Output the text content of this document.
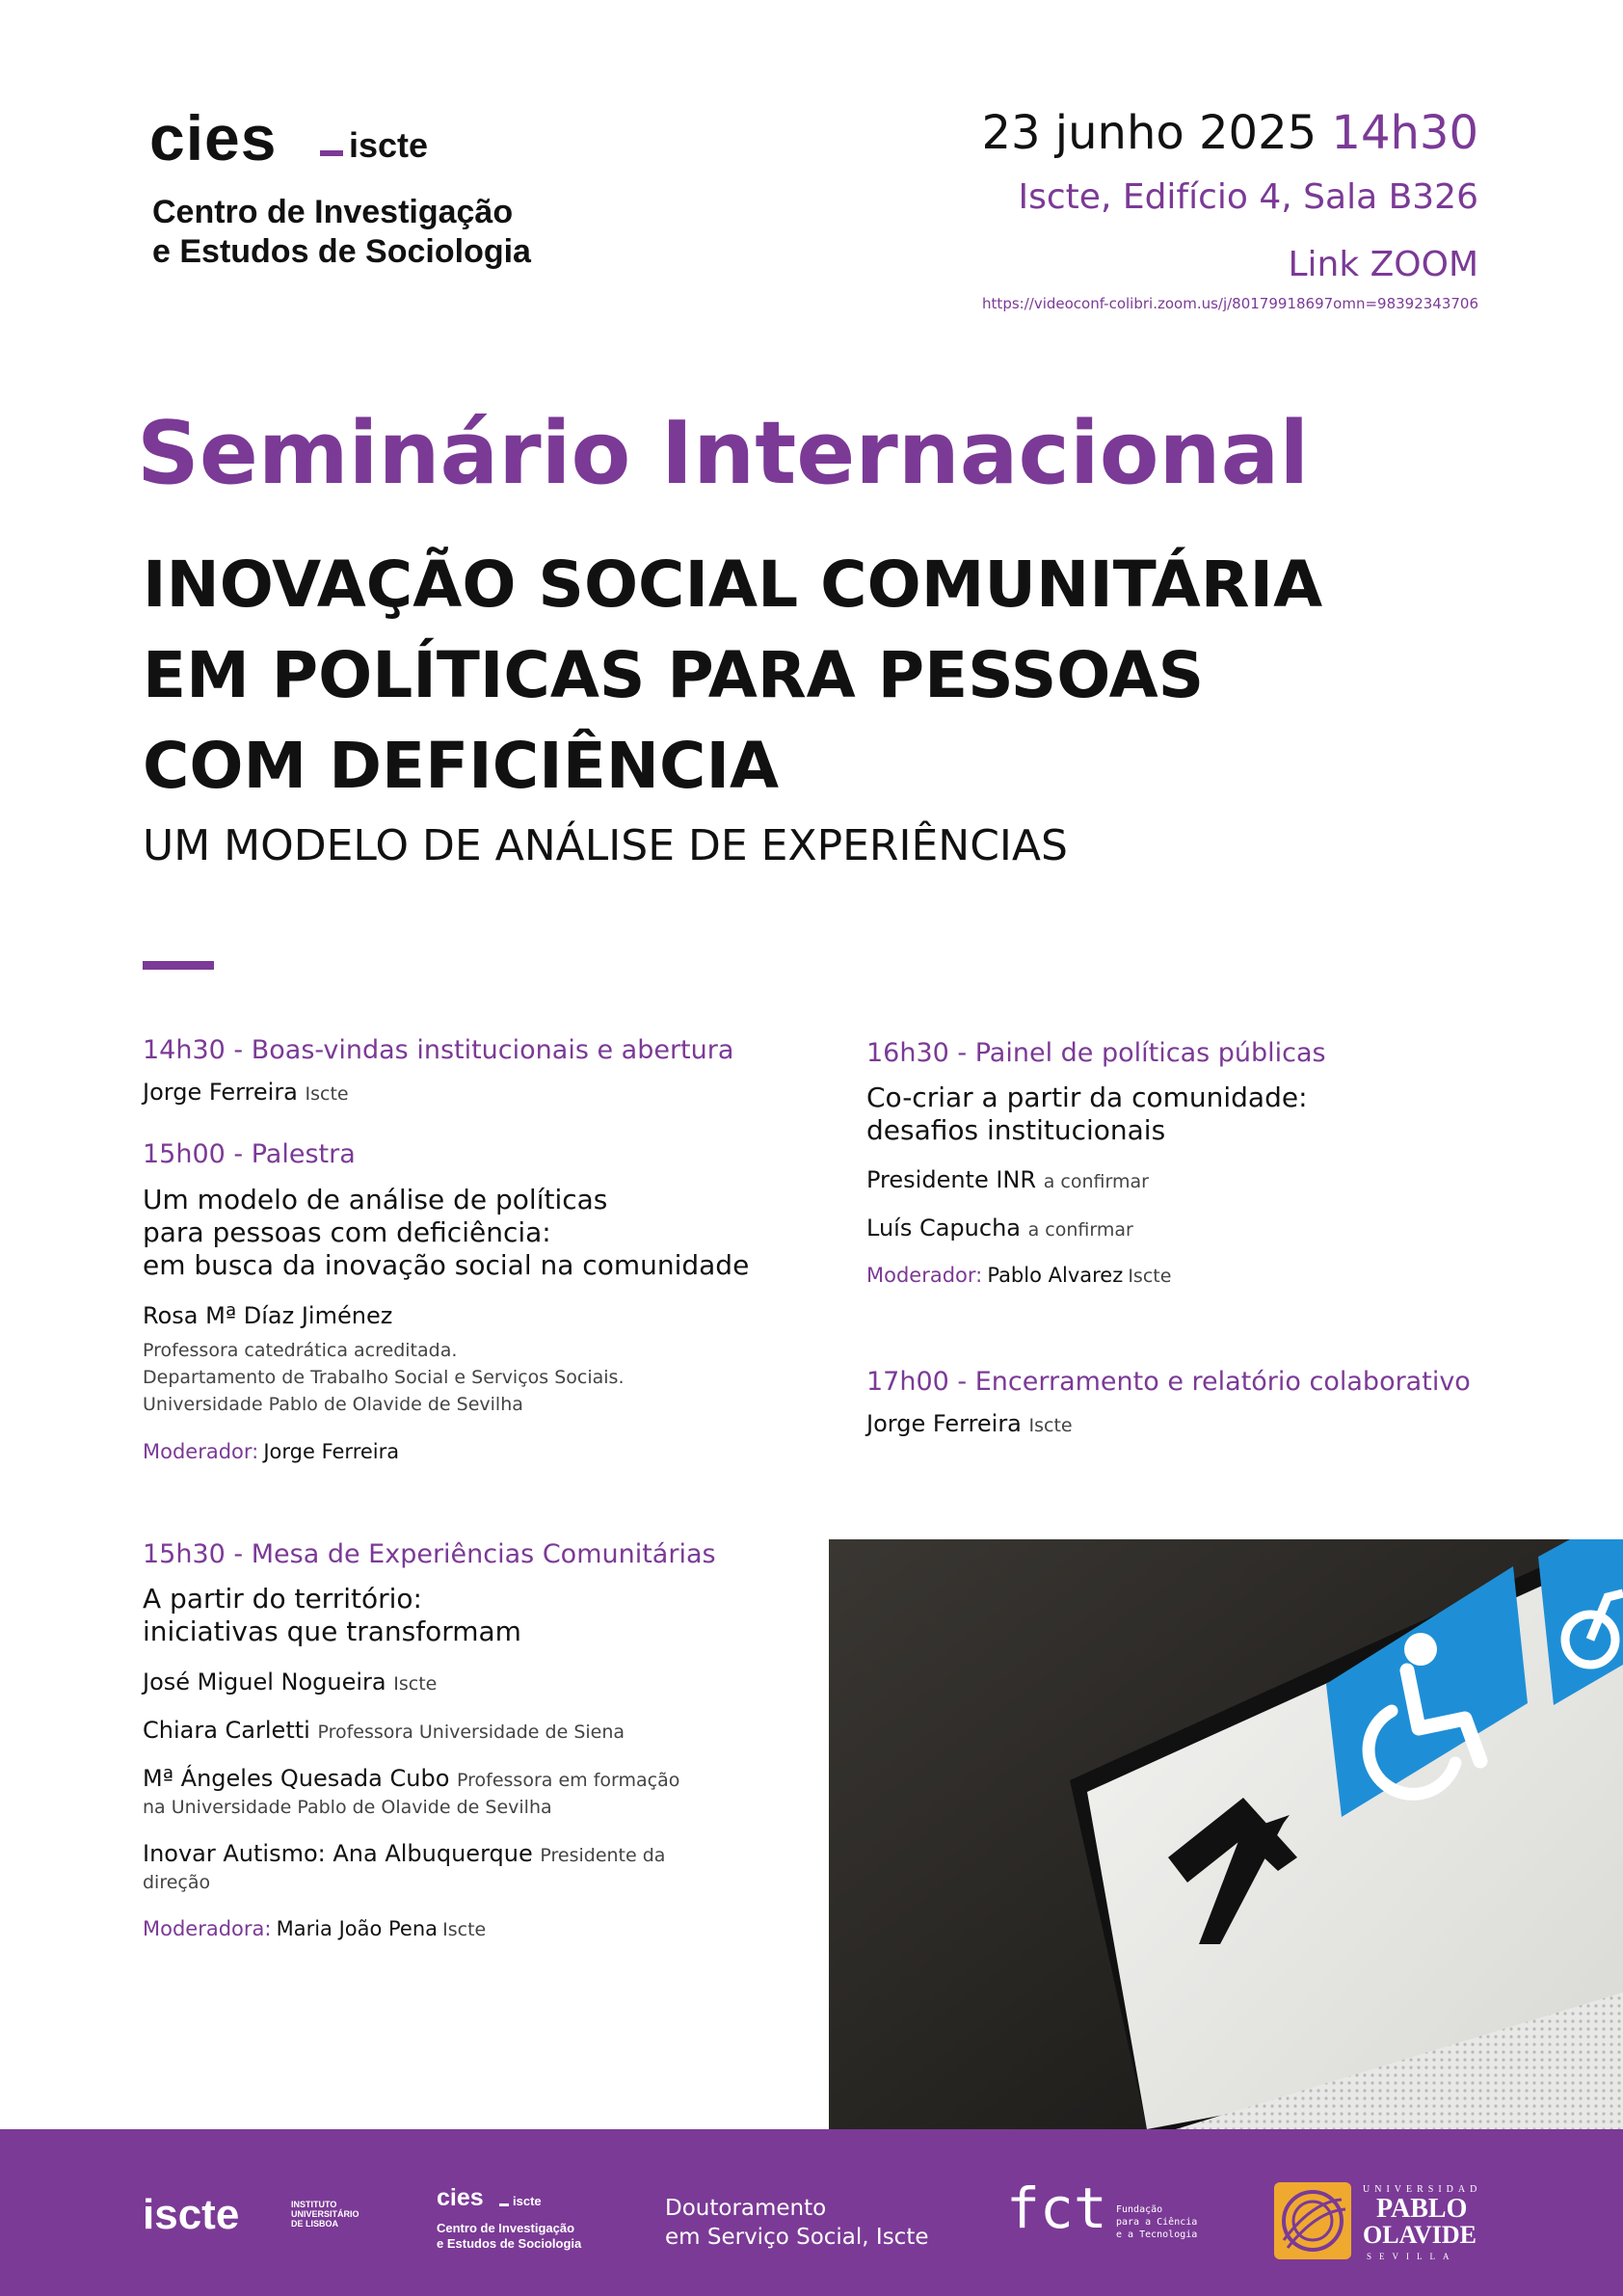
cies iscte
Centro de Investigação
e Estudos de Sociologia
23 junho 2025 14h30
Iscte, Edifício 4, Sala B326
Link ZOOM
https://videoconf-colibri.zoom.us/j/80179918697omn=98392343706
Seminário Internacional
INOVAÇÃO SOCIAL COMUNITÁRIA
EM POLÍTICAS PARA PESSOAS
COM DEFICIÊNCIA
UM MODELO DE ANÁLISE DE EXPERIÊNCIAS
14h30 - Boas-vindas institucionais e abertura
Jorge Ferreira Iscte
15h00 - Palestra
Um modelo de análise de políticas
para pessoas com deficiência:
em busca da inovação social na comunidade
Rosa Mª Díaz Jiménez
Professora catedrática acreditada.
Departamento de Trabalho Social e Serviços Sociais.
Universidade Pablo de Olavide de Sevilha
Moderador: Jorge Ferreira
15h30 - Mesa de Experiências Comunitárias
A partir do território:
iniciativas que transformam
José Miguel Nogueira Iscte
Chiara Carletti Professora Universidade de Siena
Mª Ángeles Quesada Cubo Professora em formação
na Universidade Pablo de Olavide de Sevilha
Inovar Autismo: Ana Albuquerque Presidente da
direção
Moderadora: Maria João Pena Iscte
16h30 - Painel de políticas públicas
Co-criar a partir da comunidade:
desafios institucionais
Presidente INR a confirmar
Luís Capucha a confirmar
Moderador: Pablo Alvarez Iscte
17h00 - Encerramento e relatório colaborativo
Jorge Ferreira Iscte
iscte	INSTITUTO
UNIVERSITÁRIO
DE LISBOA
cies iscte
Centro de Investigação
e Estudos de Sociologia
Doutoramento
em Serviço Social, Iscte fct Fundação
para a Ciência
e a Tecnologia
UNIVERSIDAD
PABLO
OLAVIDE
SEVILLA
